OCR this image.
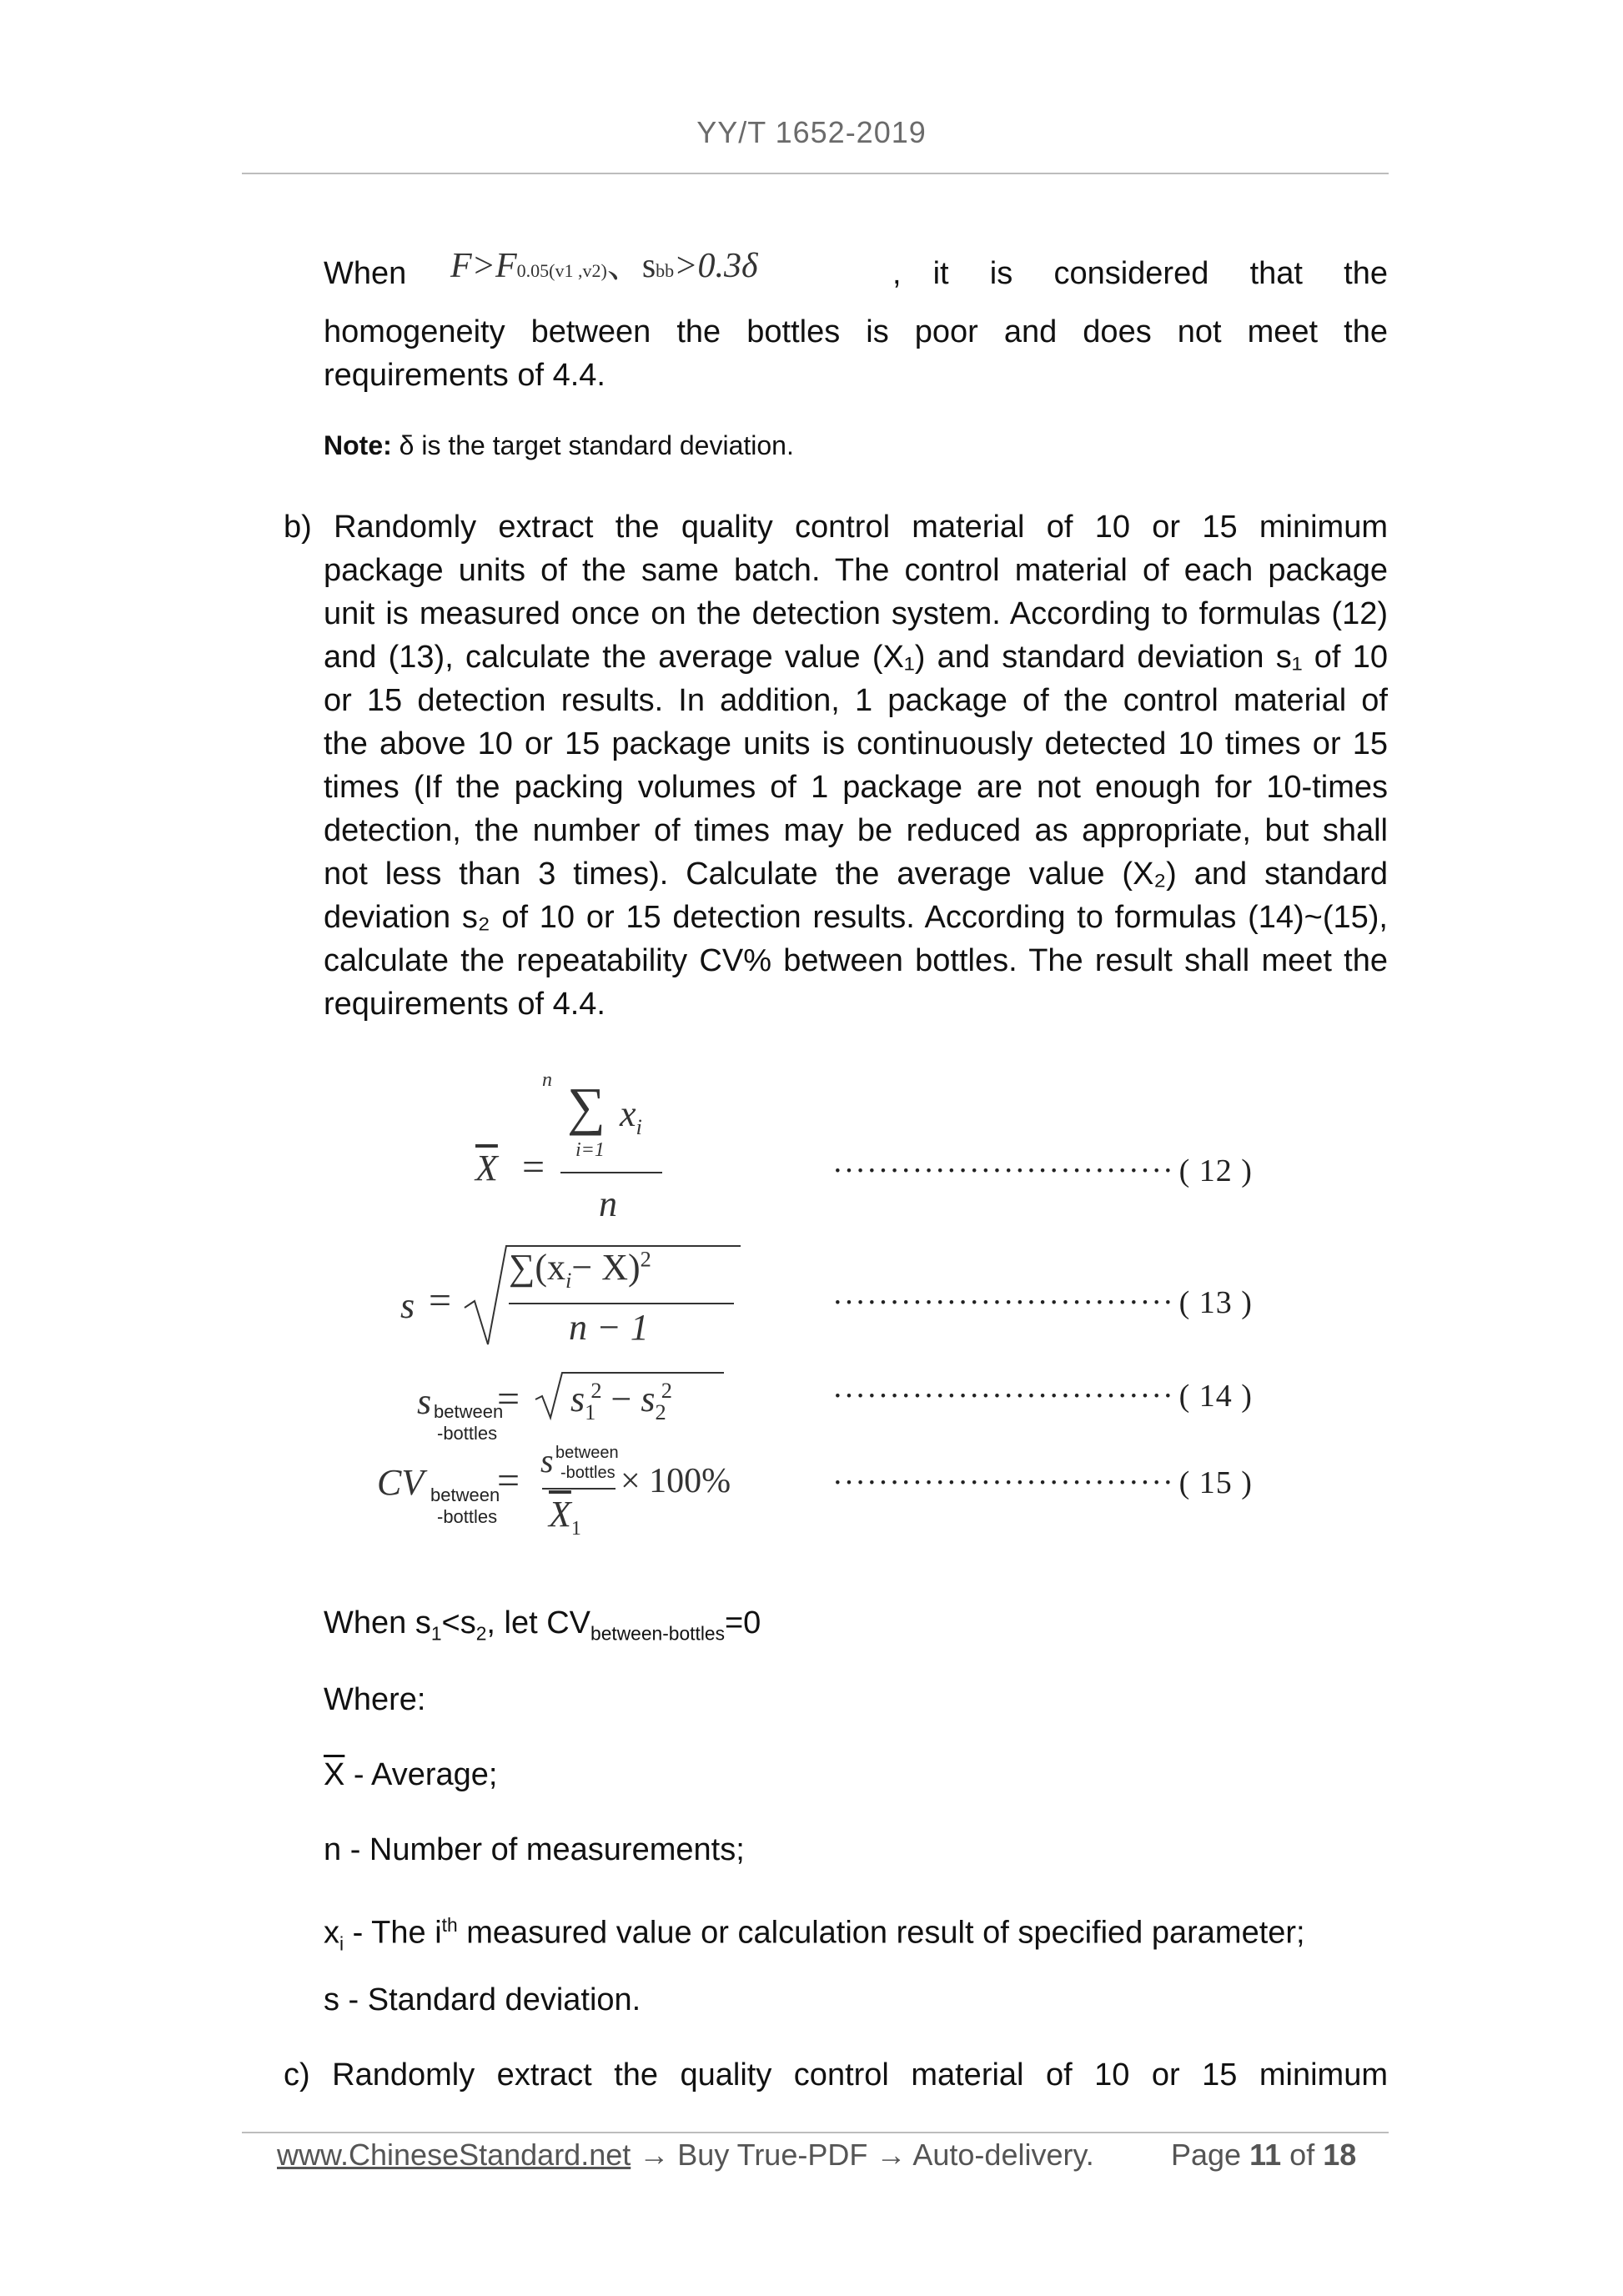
YY/T 1652-2019
When	F>F0.05(v1 ,v2)、sbb>0.3δ	, it is considered that the
homogeneity between the bottles is poor and does not meet the
requirements of 4.4.
Note: δ is the target standard deviation.
b) Randomly extract the quality control material of 10 or 15 minimum
package units of the same batch. The control material of each package
unit is measured once on the detection system. According to formulas (12)
and (13), calculate the average value (X₁) and standard deviation s₁ of 10
or 15 detection results. In addition, 1 package of the control material of
the above 10 or 15 package units is continuously detected 10 times or 15
times (If the packing volumes of 1 package are not enough for 10-times
detection, the number of times may be reduced as appropriate, but shall
not less than 3 times). Calculate the average value (X₂) and standard
deviation s₂ of 10 or 15 detection results. According to formulas (14)~(15),
calculate the repeatability CV% between bottles. The result shall meet the
requirements of 4.4.
$\overline{X}$ =
n ∑ $x_i$
i=1
n
······························ ( 12 )
s =
$\sum(x_i- X)^2$
n − 1
······························ ( 13 )
s between
-bottles
= $s_1^2 - s_2^2$	······························ ( 14 )
CV between
-bottles
= s between
-bottles
$\overline{X}_1$
× 100%	······························ ( 15 )
When $s_1<s_2$, let $CV_{between-bottles}=0$
Where:
$\overline{X}$ - Average;
n - Number of measurements;
$x_i$ - The $i^{th}$ measured value or calculation result of specified parameter;
s - Standard deviation.
c) Randomly extract the quality control material of 10 or 15 minimum
www.ChineseStandard.net → Buy True-PDF → Auto-delivery.	Page 11 of 18
